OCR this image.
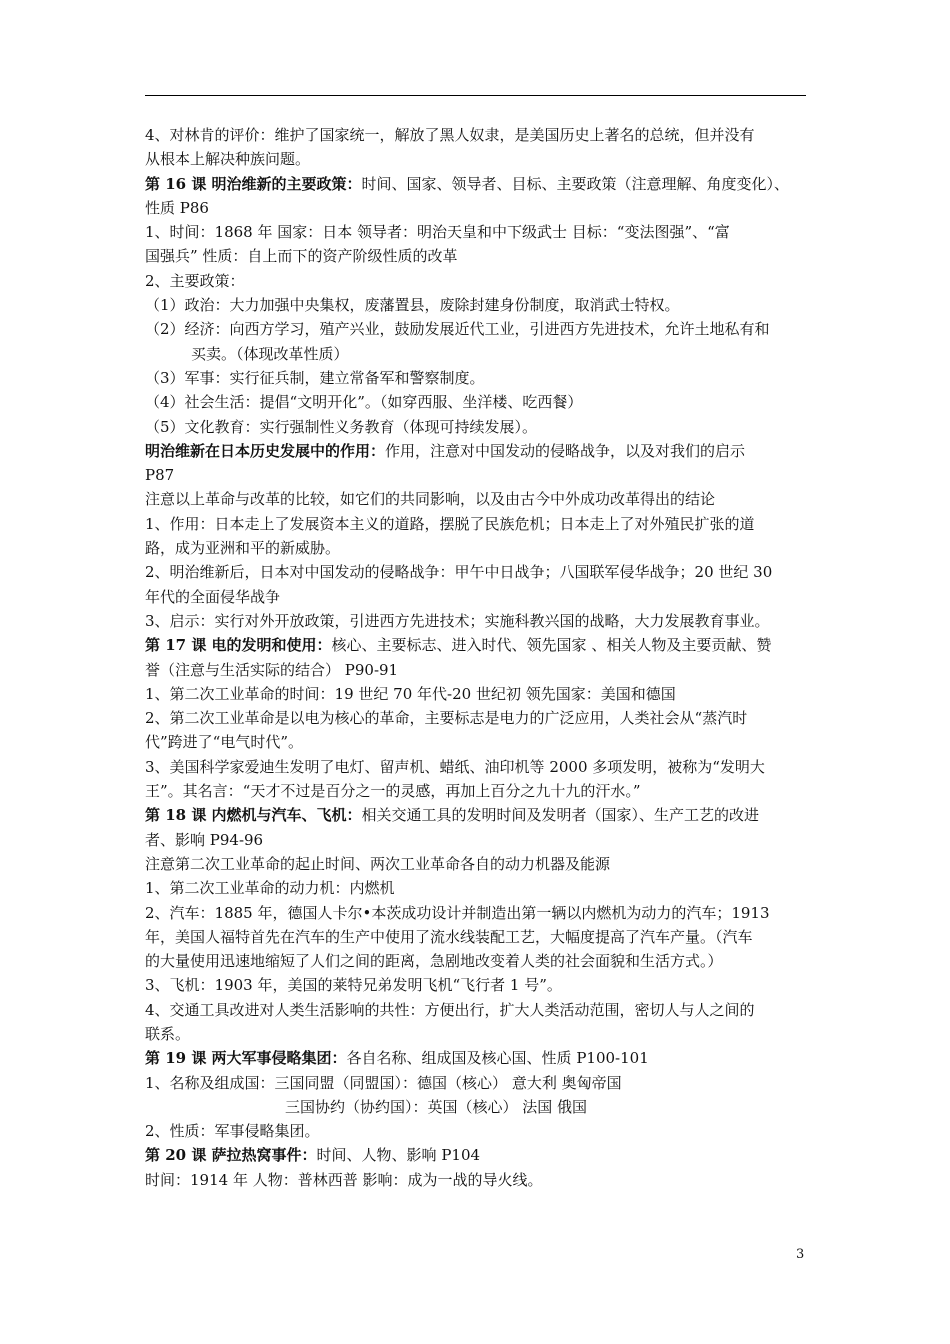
4、对林肯的评价：维护了国家统一，解放了黑人奴隶，是美国历史上著名的总统，但并没有
从根本上解决种族问题。
第 16 课 明治维新的主要政策：时间、国家、领导者、目标、主要政策（注意理解、角度变化）、
性质 P86
1、时间：1868 年 国家：日本 领导者：明治天皇和中下级武士 目标：“变法图强”、“富
国强兵” 性质：自上而下的资产阶级性质的改革
2、主要政策：
（1）政治：大力加强中央集权，废藩置县，废除封建身份制度，取消武士特权。
（2）经济：向西方学习，殖产兴业，鼓励发展近代工业，引进西方先进技术，允许土地私有和
买卖。（体现改革性质）
（3）军事：实行征兵制，建立常备军和警察制度。
（4）社会生活：提倡“文明开化”。（如穿西服、坐洋楼、吃西餐）
（5）文化教育：实行强制性义务教育（体现可持续发展）。
明治维新在日本历史发展中的作用：作用，注意对中国发动的侵略战争，以及对我们的启示
P87
注意以上革命与改革的比较，如它们的共同影响，以及由古今中外成功改革得出的结论
1、作用：日本走上了发展资本主义的道路，摆脱了民族危机；日本走上了对外殖民扩张的道
路，成为亚洲和平的新威胁。
2、明治维新后，日本对中国发动的侵略战争：甲午中日战争；八国联军侵华战争；20 世纪 30
年代的全面侵华战争
3、启示：实行对外开放政策，引进西方先进技术；实施科教兴国的战略，大力发展教育事业。
第 17 课 电的发明和使用：核心、主要标志、进入时代、领先国家 、相关人物及主要贡献、赞
誉（注意与生活实际的结合） P90-91
1、第二次工业革命的时间：19 世纪 70 年代-20 世纪初 领先国家：美国和德国
2、第二次工业革命是以电为核心的革命，主要标志是电力的广泛应用，人类社会从“蒸汽时
代”跨进了“电气时代”。
3、美国科学家爱迪生发明了电灯、留声机、蜡纸、油印机等 2000 多项发明，被称为“发明大
王”。其名言：“天才不过是百分之一的灵感，再加上百分之九十九的汗水。”
第 18 课 内燃机与汽车、飞机：相关交通工具的发明时间及发明者（国家）、生产工艺的改进
者、影响 P94-96
注意第二次工业革命的起止时间、两次工业革命各自的动力机器及能源
1、第二次工业革命的动力机：内燃机
2、汽车：1885 年，德国人卡尔•本茨成功设计并制造出第一辆以内燃机为动力的汽车；1913
年，美国人福特首先在汽车的生产中使用了流水线装配工艺，大幅度提高了汽车产量。（汽车
的大量使用迅速地缩短了人们之间的距离，急剧地改变着人类的社会面貌和生活方式。）
3、飞机：1903 年，美国的莱特兄弟发明飞机“飞行者 1 号”。
4、交通工具改进对人类生活影响的共性：方便出行，扩大人类活动范围，密切人与人之间的
联系。
第 19 课 两大军事侵略集团：各自名称、组成国及核心国、性质 P100-101
1、名称及组成国：三国同盟（同盟国）：德国（核心） 意大利 奥匈帝国
三国协约（协约国）：英国（核心） 法国 俄国
2、性质：军事侵略集团。
第 20 课 萨拉热窝事件：时间、人物、影响 P104
时间：1914 年 人物：普林西普 影响：成为一战的导火线。
3
